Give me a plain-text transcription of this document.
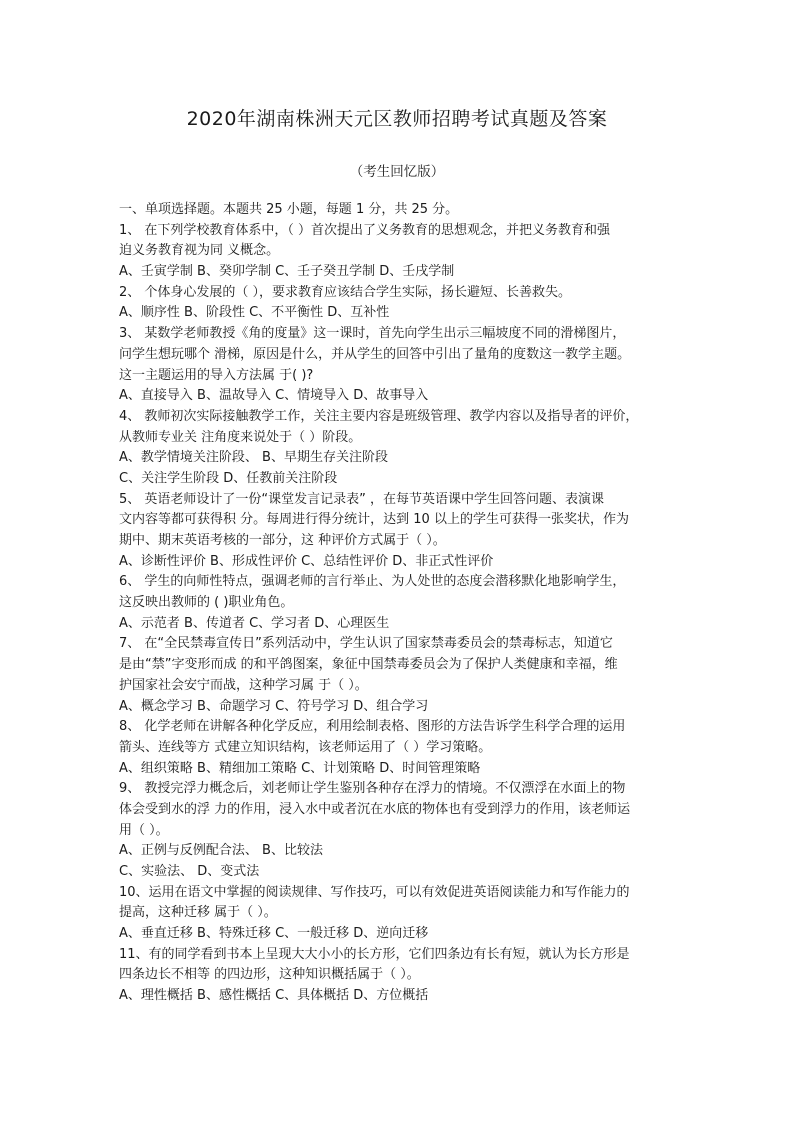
2020年湖南株洲天元区教师招聘考试真题及答案
（考生回忆版）
一、单项选择题。本题共 25 小题，每题 1 分，共 25 分。
1、 在下列学校教育体系中，（ ）首次提出了义务教育的思想观念，并把义务教育和强
迫义务教育视为同 义概念。
A、壬寅学制 B、癸卯学制 C、壬子癸丑学制 D、壬戌学制
2、 个体身心发展的（ ），要求教育应该结合学生实际，扬长避短、长善救失。
A、顺序性 B、阶段性 C、不平衡性 D、互补性
3、 某数学老师教授《角的度量》这一课时，首先向学生出示三幅坡度不同的滑梯图片，
问学生想玩哪个 滑梯，原因是什么，并从学生的回答中引出了量角的度数这一教学主题。
这一主题运用的导入方法属 于( )?
A、直接导入 B、温故导入 C、情境导入 D、故事导入
4、 教师初次实际接触教学工作，关注主要内容是班级管理、教学内容以及指导者的评价，
从教师专业关 注角度来说处于（ ）阶段。
A、教学情境关注阶段、 B、早期生存关注阶段
C、关注学生阶段 D、任教前关注阶段
5、 英语老师设计了一份“课堂发言记录表” ，在每节英语课中学生回答问题、表演课
文内容等都可获得积 分。每周进行得分统计，达到 10 以上的学生可获得一张奖状，作为
期中、期末英语考核的一部分，这 种评价方式属于（ ）。
A、诊断性评价 B、形成性评价 C、总结性评价 D、非正式性评价
6、 学生的向师性特点，强调老师的言行举止、为人处世的态度会潜移默化地影响学生，
这反映出教师的 ( )职业角色。
A、示范者 B、传道者 C、学习者 D、心理医生
7、 在“全民禁毒宣传日”系列活动中，学生认识了国家禁毒委员会的禁毒标志，知道它
是由“禁”字变形而成 的和平鸽图案，象征中国禁毒委员会为了保护人类健康和幸福，维
护国家社会安宁而战，这种学习属 于（ ）。
A、概念学习 B、命题学习 C、符号学习 D、组合学习
8、 化学老师在讲解各种化学反应，利用绘制表格、图形的方法告诉学生科学合理的运用
箭头、连线等方 式建立知识结构，该老师运用了（ ）学习策略。
A、组织策略 B、精细加工策略 C、计划策略 D、时间管理策略
9、 教授完浮力概念后，刘老师让学生鉴别各种存在浮力的情境。不仅漂浮在水面上的物
体会受到水的浮 力的作用，浸入水中或者沉在水底的物体也有受到浮力的作用，该老师运
用（ ）。
A、正例与反例配合法、 B、比较法
C、实验法、 D、变式法
10、运用在语文中掌握的阅读规律、写作技巧，可以有效促进英语阅读能力和写作能力的
提高，这种迁移 属于（ ）。
A、垂直迁移 B、特殊迁移 C、一般迁移 D、逆向迁移
11、有的同学看到书本上呈现大大小小的长方形，它们四条边有长有短，就认为长方形是
四条边长不相等 的四边形，这种知识概括属于（ ）。
A、理性概括 B、感性概括 C、具体概括 D、方位概括
